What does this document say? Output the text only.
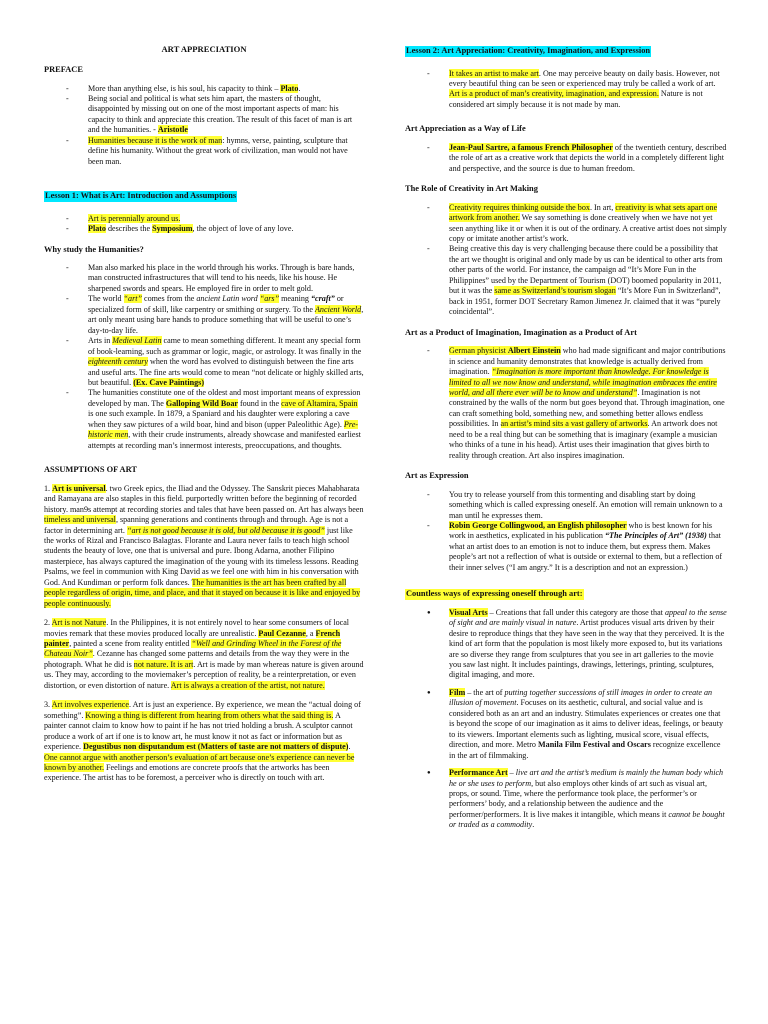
ART APPRECIATION
PREFACE
- More than anything else, is his soul, his capacity to think – Plato.
- Being social and political is what sets him apart, the masters of thought, disappointed by missing out on one of the most important aspects of man: his capacity to think and appreciate this creation. The result of this facet of man is art and the humanities. - Aristotle
- Humanities because it is the work of man: hymns, verse, painting, sculpture that define his humanity. Without the great work of civilization, man would not have been man.
Lesson 1: What is Art: Introduction and Assumptions
- Art is perennially around us.
- Plato describes the Symposium, the object of love of any love.
Why study the Humanities?
- Man also marked his place in the world through his works. Through is bare hands, man constructed infrastructures that will tend to his needs, like his house. He sharpened swords and spears. He employed fire in order to melt gold.
- The world “art” comes from the ancient Latin word “ars” meaning “craft” or specialized form of skill, like carpentry or smithing or surgery. To the Ancient World, art only meant using bare hands to produce something that will be useful to one’s day-to-day life.
- Arts in Medieval Latin came to mean something different. It meant any special form of book-learning, such as grammar or logic, magic, or astrology. It was finally in the eighteenth century when the word has evolved to distinguish between the fine arts and useful arts. The fine arts would come to mean “not delicate or highly skilled arts, but beautiful. (Ex. Cave Paintings)
- The humanities constitute one of the oldest and most important means of expression developed by man. The Galloping Wild Boar found in the cave of Altamira, Spain is one such example. In 1879, a Spaniard and his daughter were exploring a cave when they saw pictures of a wild boar, hind and bison (upper Paleolithic Age). Pre-historic men, with their crude instruments, already showcase and manifested earliest attempts at recording man’s innermost interests, preoccupations, and thoughts.
ASSUMPTIONS OF ART

1. Art is universal. two Greek epics, the Iliad and the Odyssey. The Sanskrit pieces Mahabharata and Ramayana are also staples in this field. purportedly written before the beginning of recorded history. man9s attempt at recording stories and tales that have been passed on. Art has always been timeless and universal, spanning generations and continents through and through. Age is not a factor in determining art. “art is not good because it is old, but old because it is good” just like the works of Rizal and Francisco Balagtas. Florante and Laura never fails to teach high school students the beauty of love, one that is universal and pure. Ibong Adarna, another Filipino masterpiece, has always captured the imagination of the young with its timeless lessons. Reading Psalms, we feel in communion with King David as we feel one with him in his conversation with God. And Kundiman or perform folk dances. The humanities is the art has been crafted by all people regardless of origin, time, and place, and that it stayed on because it is like and enjoyed by people continuously.

2. Art is not Nature. In the Philippines, it is not entirely novel to hear some consumers of local movies remark that these movies produced locally are unrealistic. Paul Cezanne, a French painter, painted a scene from reality entitled “Well and Grinding Wheel in the Forest of the Chateau Noir”. Cezanne has changed some patterns and details from the way they were in the photograph. What he did is not nature. It is art. Art is made by man whereas nature is given around us. They may, according to the moviemaker’s perception of reality, be a reinterpretation, or even distortion, or even distortion of nature. Art is always a creation of the artist, not nature.

3. Art involves experience. Art is just an experience. By experience, we mean the “actual doing of something”. Knowing a thing is different from hearing from others what the said thing is. A painter cannot claim to know how to paint if he has not tried holding a brush. A sculptor cannot produce a work of art if one is to know art, he must know it not as fact or information but as experience. Degustibus non disputandum est (Matters of taste are not matters of dispute). One cannot argue with another person’s evaluation of art because one’s experience can never be known by another. Feelings and emotions are concrete proofs that the artworks has been experience. The artist has to be foremost, a perceiver who is directly on touch with art.

Lesson 2: Art Appreciation: Creativity, Imagination, and Expression
- It takes an artist to make art. One may perceive beauty on daily basis. However, not every beautiful thing can be seen or experienced may truly be called a work of art. Art is a product of man’s creativity, imagination, and expression. Nature is not considered art simply because it is not made by man.
Art Appreciation as a Way of Life
- Jean-Paul Sartre, a famous French Philosopher of the twentieth century, described the role of art as a creative work that depicts the world in a completely different light and perspective, and the source is due to human freedom.
The Role of Creativity in Art Making
- Creativity requires thinking outside the box. In art, creativity is what sets apart one artwork from another. We say something is done creatively when we have not yet seen anything like it or when it is out of the ordinary. A creative artist does not simply copy or imitate another artist’s work.
- Being creative this day is very challenging because there could be a possibility that the art we thought is original and only made by us can be identical to other arts from other parts of the world. For instance, the campaign ad “It’s More Fun in the Philippines” used by the Department of Tourism (DOT) boomed popularity in 2011, but it was the same as Switzerland’s tourism slogan “It’s More Fun in Switzerland”, back in 1951, former DOT Secretary Ramon Jimenez Jr. claimed that it was “purely coincidental”.
Art as a Product of Imagination, Imagination as a Product of Art
- German physicist Albert Einstein who had made significant and major contributions in science and humanity demonstrates that knowledge is actually derived from imagination. “Imagination is more important than knowledge. For knowledge is limited to all we now know and understand, while imagination embraces the entire world, and all there ever will be to know and understand”. Imagination is not constrained by the walls of the norm but goes beyond that. Through imagination, one can craft something bold, something new, and something better allows endless possibilities. In an artist’s mind sits a vast gallery of artworks. An artwork does not need to be a real thing but can be something that is imaginary (example a musician who thinks of a tune in his head). Artist uses their imagination that gives birth to reality through creation. Art also inspires imagination.
Art as Expression
- You try to release yourself from this tormenting and disabling start by doing something which is called expressing oneself. An emotion will remain unknown to a man until he expresses them.
- Robin George Collingwood, an English philosopher who is best known for his work in aesthetics, explicated in his publication “The Principles of Art” (1938) that what an artist does to an emotion is not to induce them, but express them. Makes people’s art not a reflection of what is outside or external to them, but a reflection of their inner selves (“I am angry.” It is a description and not an expression.)
Countless ways of expressing oneself through art:
● Visual Arts – Creations that fall under this category are those that appeal to the sense of sight and are mainly visual in nature. Artist produces visual arts driven by their desire to reproduce things that they have seen in the way that they perceived. It is the kind of art form that the population is most likely more exposed to, but its variations are so diverse they range from sculptures that you see in art galleries to the movie you saw last night. It includes paintings, drawings, letterings, printing, sculptures, digital imaging, and more.
● Film – the art of putting together successions of still images in order to create an illusion of movement. Focuses on its aesthetic, cultural, and social value and is considered both as an art and an industry. Stimulates experiences or creates one that is beyond the scope of our imagination as it aims to deliver ideas, feelings, or beauty to its viewers. Important elements such as lighting, musical score, visual effects, direction, and more. Metro Manila Film Festival and Oscars recognize excellence in the art of filmmaking.
● Performance Art – live art and the artist’s medium is mainly the human body which he or she uses to perform, but also employs other kinds of art such as visual art, props, or sound. Time, where the performance took place, the performer’s or performers’ body, and a relationship between the audience and the performer/performers. It is live makes it intangible, which means it cannot be bought or traded as a commodity.
